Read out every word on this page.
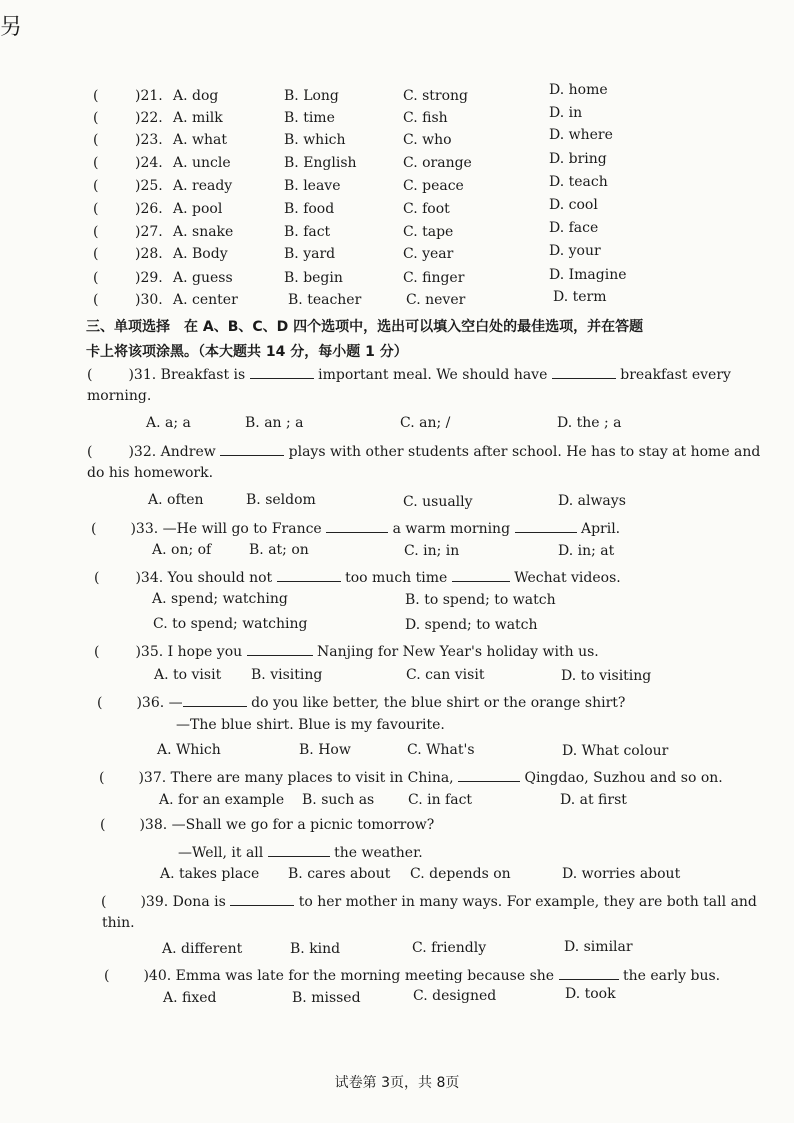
另
(	)21. A. dog	B. Long	C. strong	D. home
(	)22. A. milk	B. time	C. fish	D. in
(	)23. A. what	B. which	C. who	D. where
(	)24. A. uncle	B. English	C. orange	D. bring
(	)25. A. ready	B. leave	C. peace	D. teach
(	)26. A. pool	B. food	C. foot	D. cool
(	)27. A. snake	B. fact	C. tape	D. face
(	)28. A. Body	B. yard	C. year	D. your
(	)29. A. guess	B. begin	C. finger	D. Imagine
(	)30. A. center	B. teacher	C. never	D. term
三、单项选择　在 A、B、C、D 四个选项中，选出可以填入空白处的最佳选项，并在答题
卡上将该项涂黑。（本大题共 14 分，每小题 1 分）
(	)31. Breakfast is	important meal. We should have	breakfast every
morning.
A. a; a	B. an ; a	C. an; /	D. the ; a
(	)32. Andrew	plays with other students after school. He has to stay at home and
do his homework.
A. often	B. seldom	C. usually	D. always
( )33. —He will go to France	a warm morning	April.
A. on; of	B. at; on	C. in; in	D. in; at
(	)34. You should not	too much time	Wechat videos.
A. spend; watching	B. to spend; to watch
C. to spend; watching	D. spend; to watch
(	)35. I hope you	Nanjing for New Year's holiday with us.
A. to visit B. visiting	C. can visit	D. to visiting
( )36. —	do you like better, the blue shirt or the orange shirt?
—The blue shirt. Blue is my favourite.
A. Which	B. How	C. What's	D. What colour
( )37. There are many places to visit in China,	Qingdao, Suzhou and so on.
A. for an example B. such as C. in fact	D. at first
( )38. —Shall we go for a picnic tomorrow?
—Well, it all	the weather.
A. takes place B. cares about C. depends on	D. worries about
( )39. Dona is	to her mother in many ways. For example, they are both tall and
thin.
A. different	B. kind	C. friendly	D. similar
( )40. Emma was late for the morning meeting because she	the early bus.
A. fixed	B. missed	C. designed	D. took
试卷第 3页，共 8页
